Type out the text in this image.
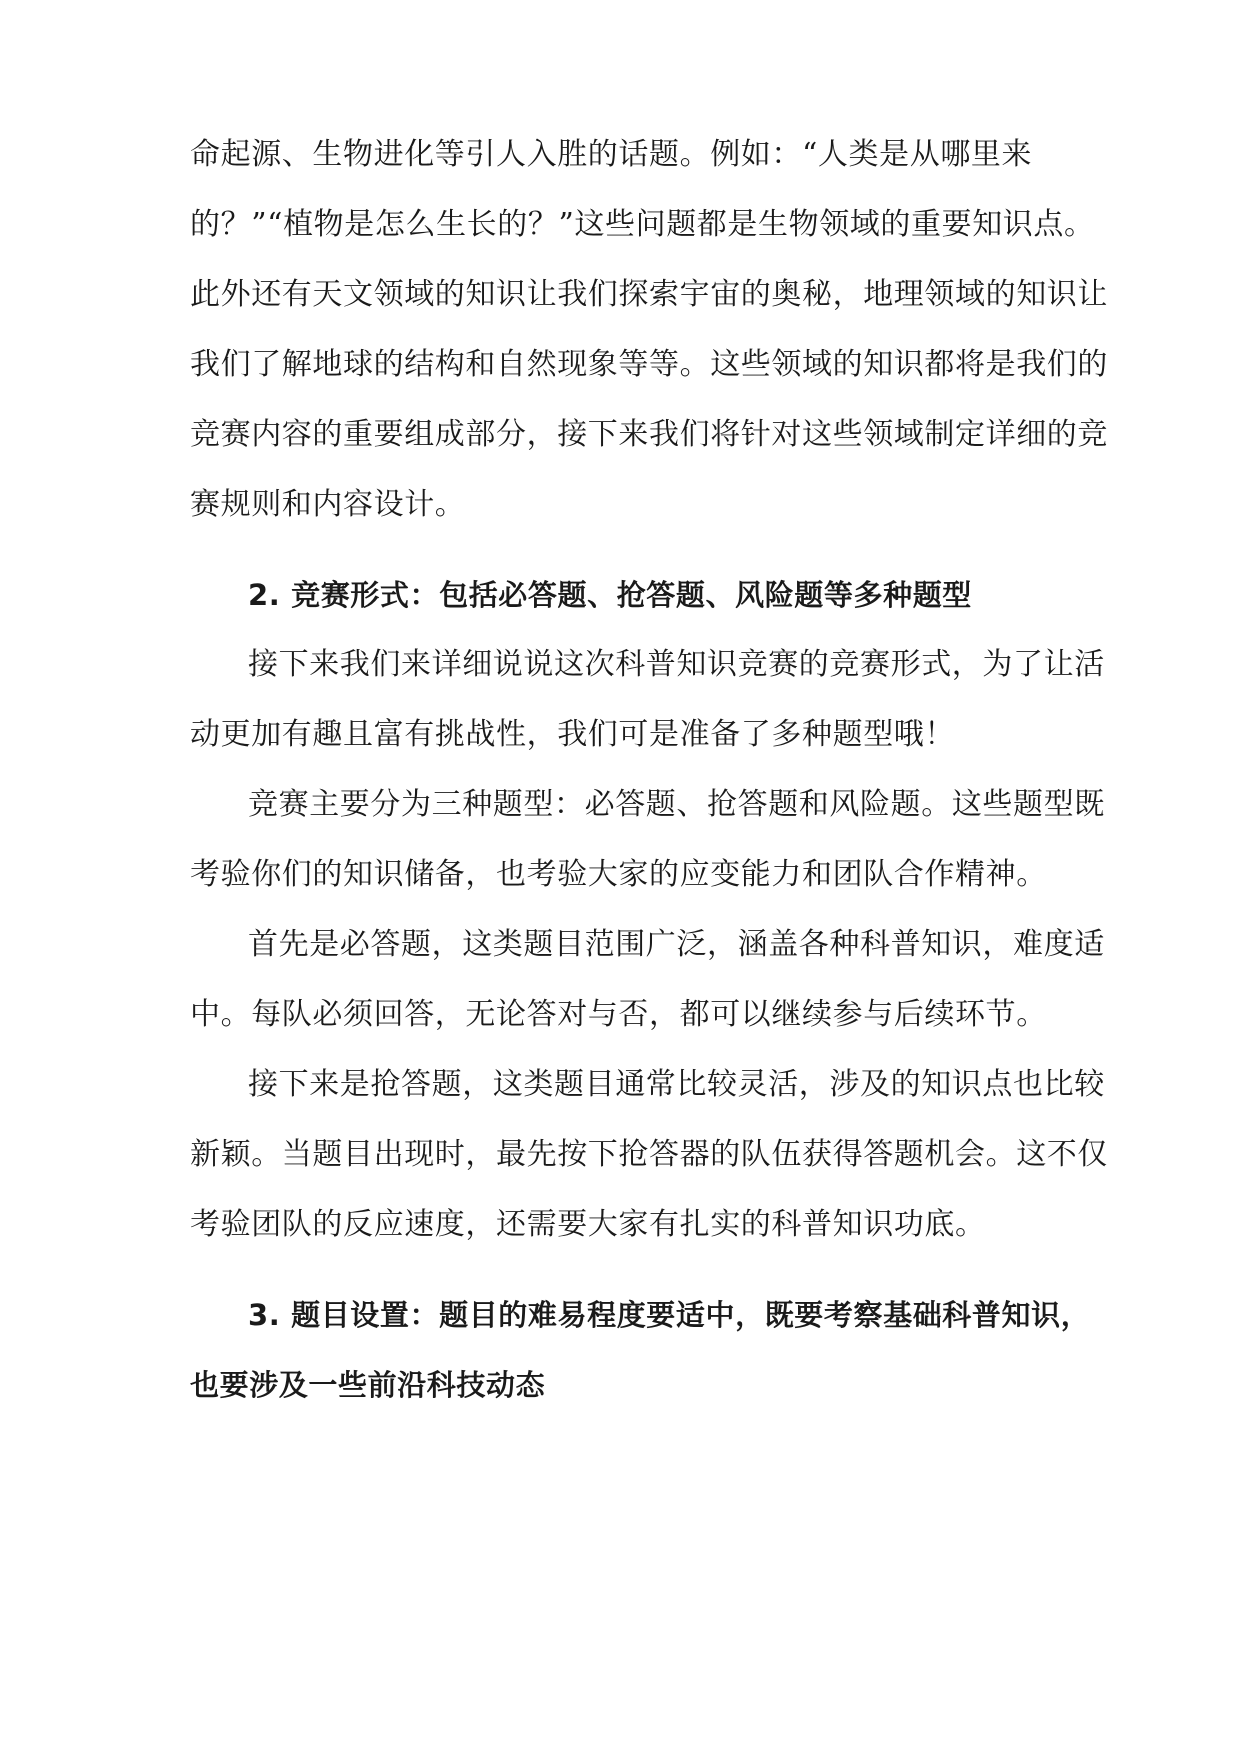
命起源、生物进化等引人入胜的话题。例如：“人类是从哪里来
的？”“植物是怎么生长的？”这些问题都是生物领域的重要知识点。
此外还有天文领域的知识让我们探索宇宙的奥秘，地理领域的知识让
我们了解地球的结构和自然现象等等。这些领域的知识都将是我们的
竞赛内容的重要组成部分，接下来我们将针对这些领域制定详细的竞
赛规则和内容设计。
2. 竞赛形式：包括必答题、抢答题、风险题等多种题型
接下来我们来详细说说这次科普知识竞赛的竞赛形式，为了让活
动更加有趣且富有挑战性，我们可是准备了多种题型哦！
竞赛主要分为三种题型：必答题、抢答题和风险题。这些题型既
考验你们的知识储备，也考验大家的应变能力和团队合作精神。
首先是必答题，这类题目范围广泛，涵盖各种科普知识，难度适
中。每队必须回答，无论答对与否，都可以继续参与后续环节。
接下来是抢答题，这类题目通常比较灵活，涉及的知识点也比较
新颖。当题目出现时，最先按下抢答器的队伍获得答题机会。这不仅
考验团队的反应速度，还需要大家有扎实的科普知识功底。
3. 题目设置：题目的难易程度要适中，既要考察基础科普知识，
也要涉及一些前沿科技动态
